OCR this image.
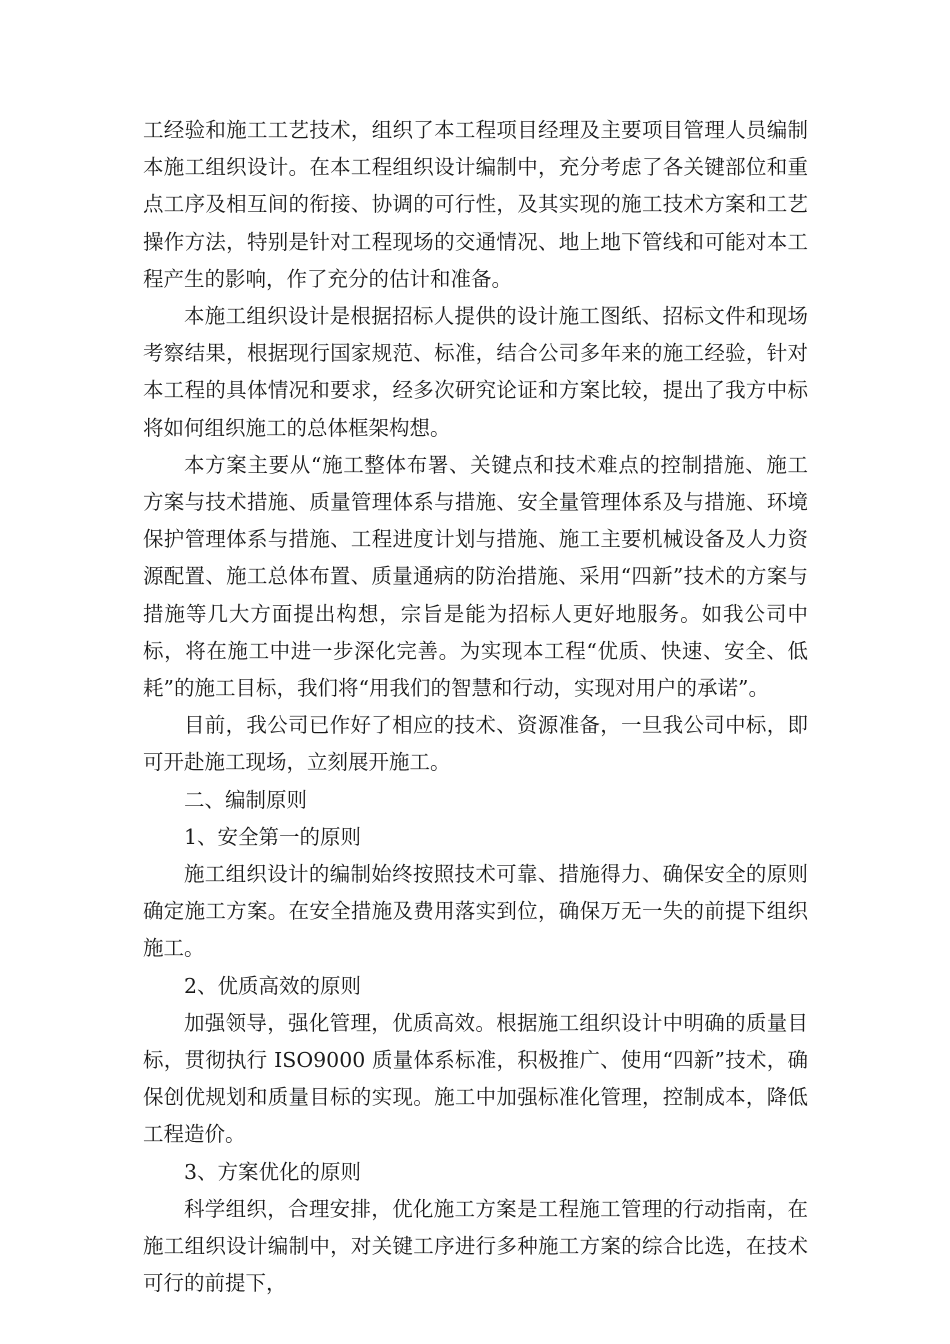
工经验和施工工艺技术，组织了本工程项目经理及主要项目管理人员编制本施工组织设计。在本工程组织设计编制中，充分考虑了各关键部位和重点工序及相互间的衔接、协调的可行性，及其实现的施工技术方案和工艺操作方法，特别是针对工程现场的交通情况、地上地下管线和可能对本工程产生的影响，作了充分的估计和准备。

本施工组织设计是根据招标人提供的设计施工图纸、招标文件和现场考察结果，根据现行国家规范、标准，结合公司多年来的施工经验，针对本工程的具体情况和要求，经多次研究论证和方案比较，提出了我方中标将如何组织施工的总体框架构想。

本方案主要从“施工整体布署、关键点和技术难点的控制措施、施工方案与技术措施、质量管理体系与措施、安全量管理体系及与措施、环境保护管理体系与措施、工程进度计划与措施、施工主要机械设备及人力资源配置、施工总体布置、质量通病的防治措施、采用“四新”技术的方案与措施等几大方面提出构想，宗旨是能为招标人更好地服务。如我公司中标，将在施工中进一步深化完善。为实现本工程“优质、快速、安全、低耗”的施工目标，我们将“用我们的智慧和行动，实现对用户的承诺”。

目前，我公司已作好了相应的技术、资源准备，一旦我公司中标，即可开赴施工现场，立刻展开施工。

二、编制原则

1、安全第一的原则

施工组织设计的编制始终按照技术可靠、措施得力、确保安全的原则确定施工方案。在安全措施及费用落实到位，确保万无一失的前提下组织施工。

2、优质高效的原则

加强领导，强化管理，优质高效。根据施工组织设计中明确的质量目标，贯彻执行 ISO9000 质量体系标准，积极推广、使用“四新”技术，确保创优规划和质量目标的实现。施工中加强标准化管理，控制成本，降低工程造价。

3、方案优化的原则

科学组织，合理安排，优化施工方案是工程施工管理的行动指南，在施工组织设计编制中，对关键工序进行多种施工方案的综合比选，在技术可行的前提下，
